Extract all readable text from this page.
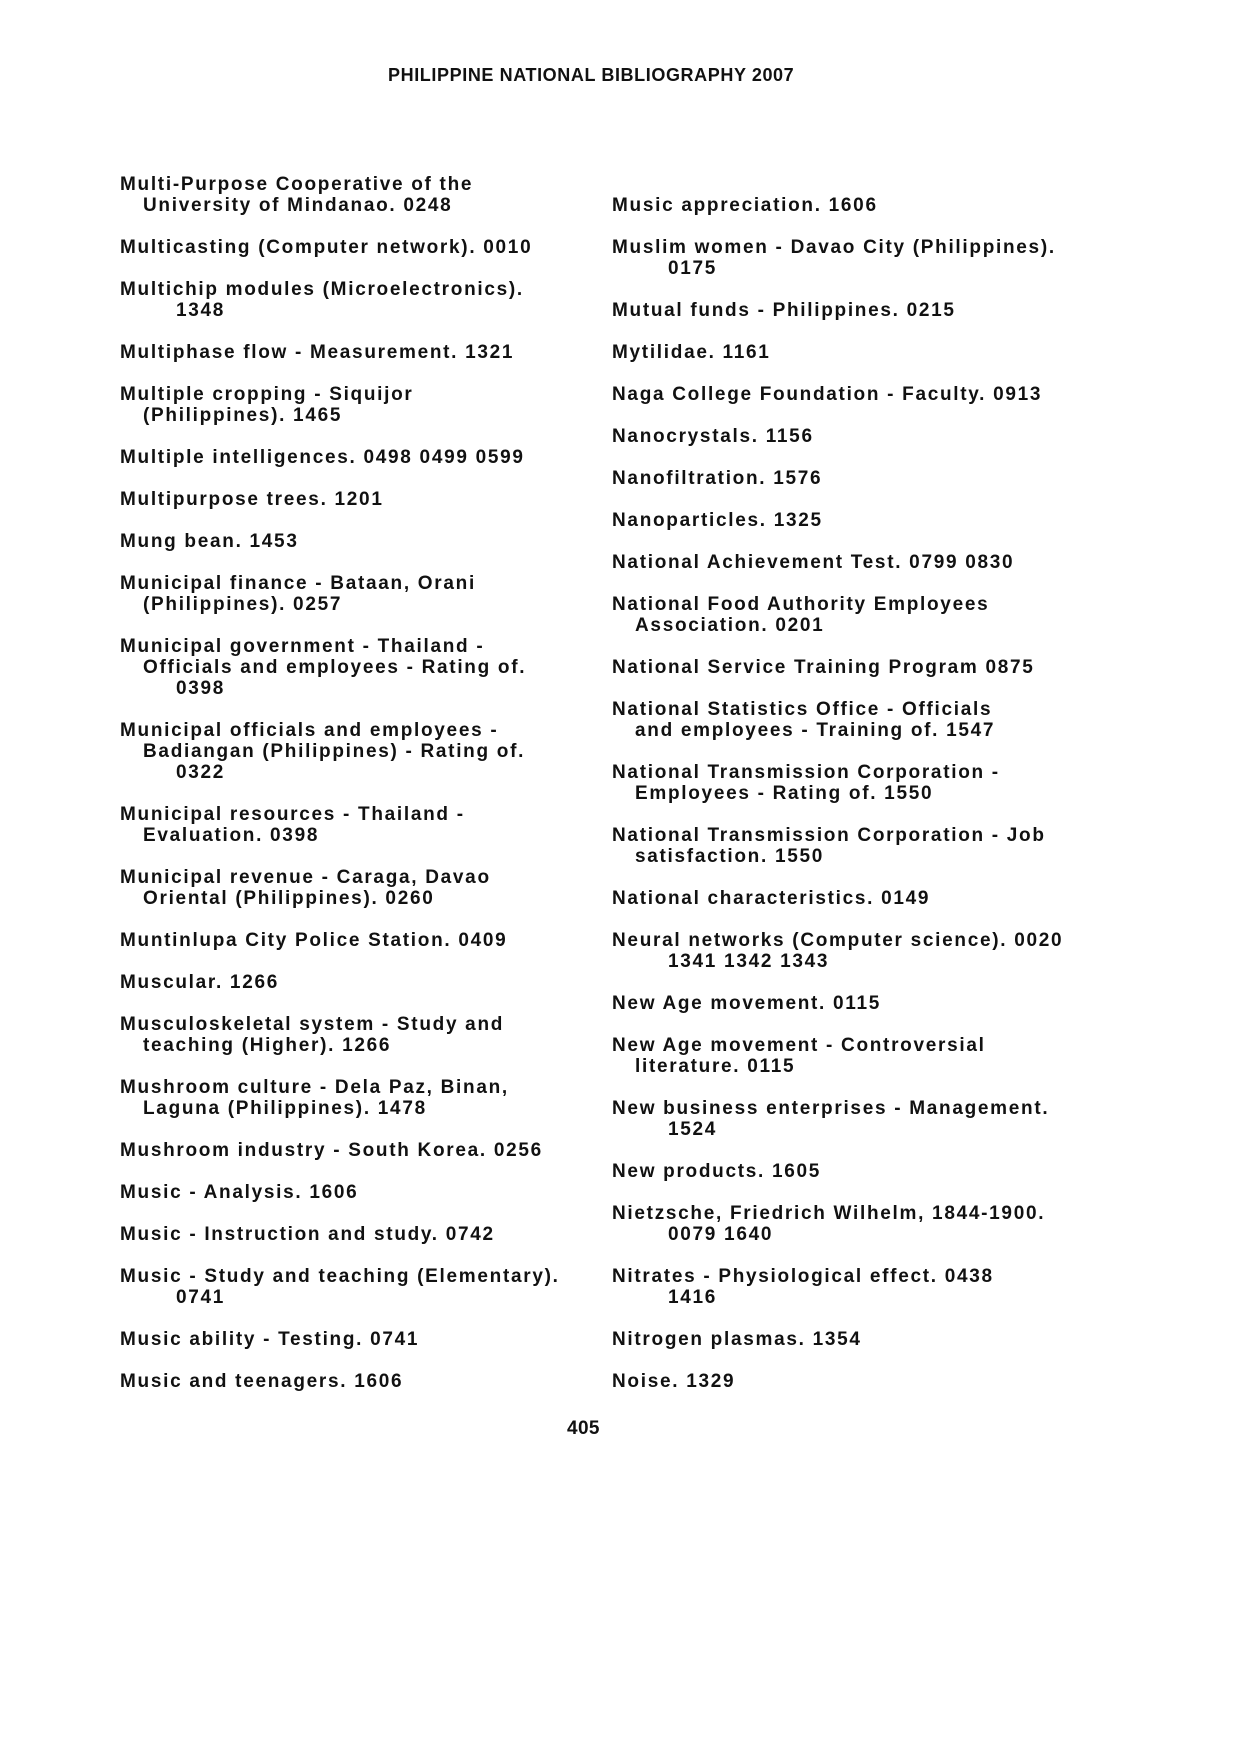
PHILIPPINE NATIONAL BIBLIOGRAPHY 2007
Multi-Purpose Cooperative of the
University of Mindanao. 0248
Multicasting (Computer network). 0010
Multichip modules (Microelectronics).
1348
Multiphase flow - Measurement. 1321
Multiple cropping - Siquijor
(Philippines). 1465
Multiple intelligences. 0498 0499 0599
Multipurpose trees. 1201
Mung bean. 1453
Municipal finance - Bataan, Orani
(Philippines). 0257
Municipal government - Thailand -
Officials and employees - Rating of.
0398
Municipal officials and employees -
Badiangan (Philippines) - Rating of.
0322
Municipal resources - Thailand -
Evaluation. 0398
Municipal revenue - Caraga, Davao
Oriental (Philippines). 0260
Muntinlupa City Police Station. 0409
Muscular. 1266
Musculoskeletal system - Study and
teaching (Higher). 1266
Mushroom culture - Dela Paz, Binan,
Laguna (Philippines). 1478
Mushroom industry - South Korea. 0256
Music - Analysis. 1606
Music - Instruction and study. 0742
Music - Study and teaching (Elementary).
0741
Music ability - Testing. 0741
Music and teenagers. 1606
Music appreciation. 1606
Muslim women - Davao City (Philippines).
0175
Mutual funds - Philippines. 0215
Mytilidae. 1161
Naga College Foundation - Faculty. 0913
Nanocrystals. 1156
Nanofiltration. 1576
Nanoparticles. 1325
National Achievement Test. 0799 0830
National Food Authority Employees
Association. 0201
National Service Training Program 0875
National Statistics Office - Officials
and employees - Training of. 1547
National Transmission Corporation -
Employees - Rating of. 1550
National Transmission Corporation - Job
satisfaction. 1550
National characteristics. 0149
Neural networks (Computer science). 0020
1341 1342 1343
New Age movement. 0115
New Age movement - Controversial
literature. 0115
New business enterprises - Management.
1524
New products. 1605
Nietzsche, Friedrich Wilhelm, 1844-1900.
0079 1640
Nitrates - Physiological effect. 0438
1416
Nitrogen plasmas. 1354
Noise. 1329
405
